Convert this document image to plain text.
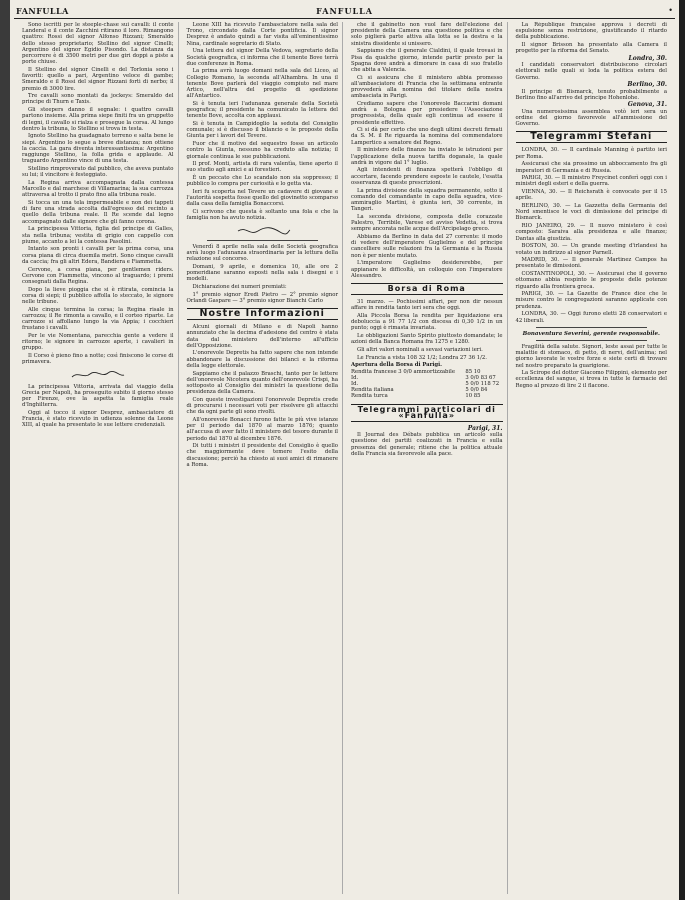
FANFULLA	FANFULLA	•

Sono iscritti per le steeple-chase sui cavalli: il conte Landeral e il conte Zacchini ritirano il loro. Rimangono quattro: Rossi del signor Alfonso Rizzani; Smeraldo dello stesso proprietario; Stellino del signor Cinelli; Argentino del signor Egidio Pisondo. La distanza da percorrere è di 3500 metri per due giri doppi a piste a porte chiuse.

Il Stellino del signor Cinelli e del Torlonia sono i favoriti: quello a pari, Argentino veloce di gambe; Smeraldo e il Rossi del signor Rizzani forti di nerbo; il premio di 3000 lire.

Tre cavalli sono montati da jockeys: Smeraldo del principe di Thurn e Taxis.

Gli steepers danno il segnale: i quattro cavalli partono insieme. Alla prima siepe finiti fra un gruppetto di legni, il cavallo si rialza e prosegue la corsa. Al lungo dentro la tribuna, lo Stellino si trova in testa.

Ignoto Stellino ha guadagnato terreno e salta bene le siepi. Argentino lo segue a breve distanza; non ottiene la caccia. La gara diventa interessantissima: Argentino raggiunge Stellino, la folla grida e applaude. Al traguardo Argentino vince di una testa.

Stellino rimproverato dal pubblico, che aveva puntato su lui; il vincitore è festeggiato.

La Regina arriva accompagnata dalla contessa Marcello e dal marchese di Villamarina; la sua carrozza attraversa al trotto il prato fino alla tribuna reale.

Si tocca un una tela impermeabile e non dei tappeti di fare una strada accolta dall'egresso del recinto a quello della tribuna reale. Il Re scende dal legno accompagnato dalle signore che gli fanno corona.

La principessa Vittoria, figlia del principe di Galles, sta nella tribuna; vestita di grigio con cappello con piume, accanto a lei la contessa Pasolini.

Intanto son pronti i cavalli per la prima corsa, una corsa piana di circa duemila metri. Sono cinque cavalli da caccia; fra gli altri Edera, Bandiera e Fiammetta.

Cervone, a corsa piana, per gentlemen riders. Cervone con Fiammetta, vincono al traguardo; i premi consegnati dalla Regina.

Dopo la lieve pioggia che si è ritirata, comincia la corsa di siepi; il pubblico affolla lo steccato, le signore nelle tribune.

Alle cinque termina la corsa; la Regina risale in carrozza; il Re rimonta a cavallo, e il corteo riparte. Le carrozze si affollano lungo la via Appia; i cocchieri frustano i cavalli.

Per le vie Nomentana, parecchia gente a vedere il ritorno; le signore in carrozze aperte, i cavalieri in gruppo.

Il Corso è pieno fino a notte; così finiscono le corse di primavera.

La principessa Vittoria, arrivata dal viaggio della Grecia per Napoli, ha proseguito subito il giorno stesso per Firenze, ove la aspetta la famiglia reale d'Inghilterra.

Oggi al tocco il signor Desprez, ambasciatore di Francia, è stato ricevuto in udienza solenne da Leone XIII, al quale ha presentato le sue lettere credenziali.

Leone XIII ha ricevuto l'ambasciatore nella sala del Trono, circondato dalla Corte pontificia. Il signor Desprez è andato quindi a far visita all'eminentissimo Nina, cardinale segretario di Stato.

Una lettera del signor Della Vedova, segretario della Società geografica, ci informa che il tenente Bove terrà due conferenze in Roma.

La prima avrà luogo domani nella sala del Liceo, al Collegio Romano, la seconda all'Alhambra. In una il tenente Bove parlerà del viaggio compiuto nel mare Artico, nell'altra del progetto di spedizione all'Antartico.

Si è tenuta ieri l'adunanza generale della Società geografica; il presidente ha comunicato la lettera del tenente Bove, accolta con applausi.

Si è tenuta in Campidoglio la seduta del Consiglio comunale; si è discusso il bilancio e le proposte della Giunta per i lavori del Tevere.

Fuor che il motivo del sequestro fosse un articolo contro la Giunta, nessuno ha creduto alla notizia; il giornale continua le sue pubblicazioni.

Il prof. Monti, artista di rara valentìa, tiene aperto il suo studio agli amici e ai forestieri.

È un peccato che Lo scandalo non sia soppresso; il pubblico lo compra per curiosità e lo getta via.

Ieri fu scoperta nel Tevere un cadavere di giovane e l'autorità sospetta fosse quello del giovinetto scomparso dalla casa della famiglia Bonaccorsi.

Ci scrivono che questa è soltanto una fola e che la famiglia non ha avuto notizia.

Venerdì 8 aprile nella sala delle Società geografica avrà luogo l'adunanza straordinaria per la lettura della relazione sul concorso.

Domani, 9 aprile, e domenica 10, alle ore 2 pomeridiane saranno esposti nella sala i disegni e i modelli.

Dichiarazione dei numeri premiati:

1° premio signor Eredi Pietro — 2° premio signor Orlandi Gaspare — 3° premio signor Bianchi Carlo

Nostre Informazioni

Alcuni giornali di Milano e di Napoli hanno annunziato che la decima d'adesione del centro è stata data dal ministero dell'interno all'ufficio dell'Opposizione.

L'onorevole Depretis ha fatto sapere che non intende abbandonare la discussione dei bilanci e la riforma della legge elettorale.

Sappiamo che il palazzo Braschi, tanto per le lettere dell'onorevole Nicotera quanto dell'onorevole Crispi, ha sottoposto al Consiglio dei ministri la questione della presidenza della Camera.

Con queste investigazioni l'onorevole Depretis crede di procurarsi i necessari voti per risolvere gli attacchi che da ogni parte gli sono rivolti.

All'onorevole Bonacci furono fatte le più vive istanze per il periodo dal 1870 al marzo 1876; quanto all'accusa di aver fatto il ministero del tesoro durante il periodo dal 1870 al dicembre 1876.

Di tutti i ministri il presidente del Consiglio è quello che maggiormente deve temere l'esito della discussione; perciò ha chiesto ai suoi amici di rimanere a Roma.

che il gabinetto non vuol fare dell'elezione del presidente della Camera una questione politica e che solo piglierà parte attiva alla lotta se la destra e la sinistra dissidente si unissero.

Sappiamo che il generale Cialdini, il quale trovasi in Pisa da qualche giorno, intende partir presto per la Spagna dove andrà a dimorare in casa di suo fratello che abita a Valencia.

Ci si assicura che il ministero abbia promesso all'ambasciatore di Francia che la settimana entrante provvederà alla nomina del titolare della nostra ambasciata in Parigi.

Crediamo sapere che l'onorevole Baccarini domani andrà a Bologna per presiedere l'Associazione progressista, della quale egli continua ad essere il presidente effettivo.

Ci si dà per certo che uno degli ultimi decreti firmati da S. M. il Re riguarda la nomina del commendatore Lampertico a senatore del Regno.

Il ministero delle finanze ha inviato le istruzioni per l'applicazione della nuova tariffa doganale, la quale andrà in vigore dal 1° luglio.

Agli intendenti di finanza spetterà l'obbligo di accertare, facendo prendere esposte le cautele, l'esatta osservanza di queste prescrizioni.

La prima divisione della squadra permanente, sotto il comando del comandante in capo della squadra, vice-ammiraglio Martini, è giunta ieri, 30 corrente, in Tangeri.

La seconda divisione, composta delle corazzate Palestro, Terribile, Varese ed avviso Vedetta, si trova sempre ancorata nelle acque dell'Arcipelago greco.

Abbiamo da Berlino in data del 27 corrente: il modo di vedere dell'imperatore Guglielmo e del principe cancelliere sulle relazioni fra la Germania e la Russia non è per niente mutato.

L'imperatore Guglielmo desidererebbe, per appianare le difficoltà, un colloquio con l'imperatore Alessandro.

Borsa di Roma

31 marzo. — Pochissimi affari, per non dir nessun affare in rendita tanto ieri sera che oggi.

Alla Piccola Borsa la rendita per liquidazione era deboluccia a 91 77 1/2 con discesa di 0,30 1/2 in un punto; oggi è rimasta invariata.

Le obbligazioni Santo Spirito piuttosto domandate; le azioni della Banca Romana fra 1275 e 1280.

Gli altri valori nominali a sevasi variazioni ieri.

Le Francia a vista 108 32 1/2; Londra 27 36 1/2.

Apertura della Borsa di Parigi.
Rendita francese 3 0/0 ammortizzabile	85 10
Id.	3 0/0 83 67
Id.	5 0/0 118 72
Rendita italiana	5 0/0 84
Rendita turca	10 85
Telegrammi particolari di «Fanfulla»
Parigi, 31.

Il Journal des Débats pubblica un articolo sulla questione dei partiti coalizzati in Francia e sulla presenza del generale; ritiene che la politica attuale della Francia sia favorevole alla pace.

La République française approva i decreti di espulsione senza restrizione, giustificando il ritardo della pubblicazione.

Il signor Brisson ha presentato alla Camera il progetto per la riforma del Senato.

Londra, 30.

I candidati conservatori distribuiscono circolari elettorali nelle quali si loda la politica estera del Governo.

Berlino, 30.

Il principe di Bismarck, tenuto probabilmente a Berlino fino all'arrivo del principe Hohenlohe.

Genova, 31.

Una numerosissima assemblea votò ieri sera un ordine del giorno favorevole all'ammissione del Governo.

Telegrammi Stefani

LONDRA, 30. — Il cardinale Manning è partito ieri per Roma.

Assicurasi che sia prossimo un abboccamento fra gli imperatori di Germania e di Russia.

PARIGI, 30. — Il ministro Freycinet conferì oggi con i ministri degli esteri e della guerra.

VIENNA, 30. — Il Reichsrath è convocato per il 15 aprile.

BERLINO, 30. — La Gazzetta della Germania del Nord smentisce le voci di dimissione del principe di Bismarck.

RIO JANEIRO, 29. — Il nuovo ministero è così composto: Saraiva alla presidenza e alle finanze; Dantas alla giustizia.

BOSTON, 30. — Un grande meeting d'irlandesi ha votato un indirizzo al signor Parnell.

MADRID, 30. — Il generale Martinez Campos ha presentato le dimissioni.

COSTANTINOPOLI, 30. — Assicurasi che il governo ottomano abbia respinto le proposte delle potenze riguardo alla frontiera greca.

PARIGI, 30. — La Gazette de France dice che le misure contro le congregazioni saranno applicate con prudenza.

LONDRA, 30. — Oggi furono eletti 28 conservatori e 42 liberali.

Bonaventura Severini, gerente responsabile.

Fragilità della salute. Signori, leste assai per tutte le malattie di stomaco, di petto, di nervi, dell'anima; nel giorno lavorate le vostre forze e siete certi di trovare nel nostro preparato la guarigione.

La Scirope del dottor Giacomo Filippini, elemento per eccellenza del sangue, si trova in tutte le farmacie del Regno al prezzo di lire 2 il flacone.
